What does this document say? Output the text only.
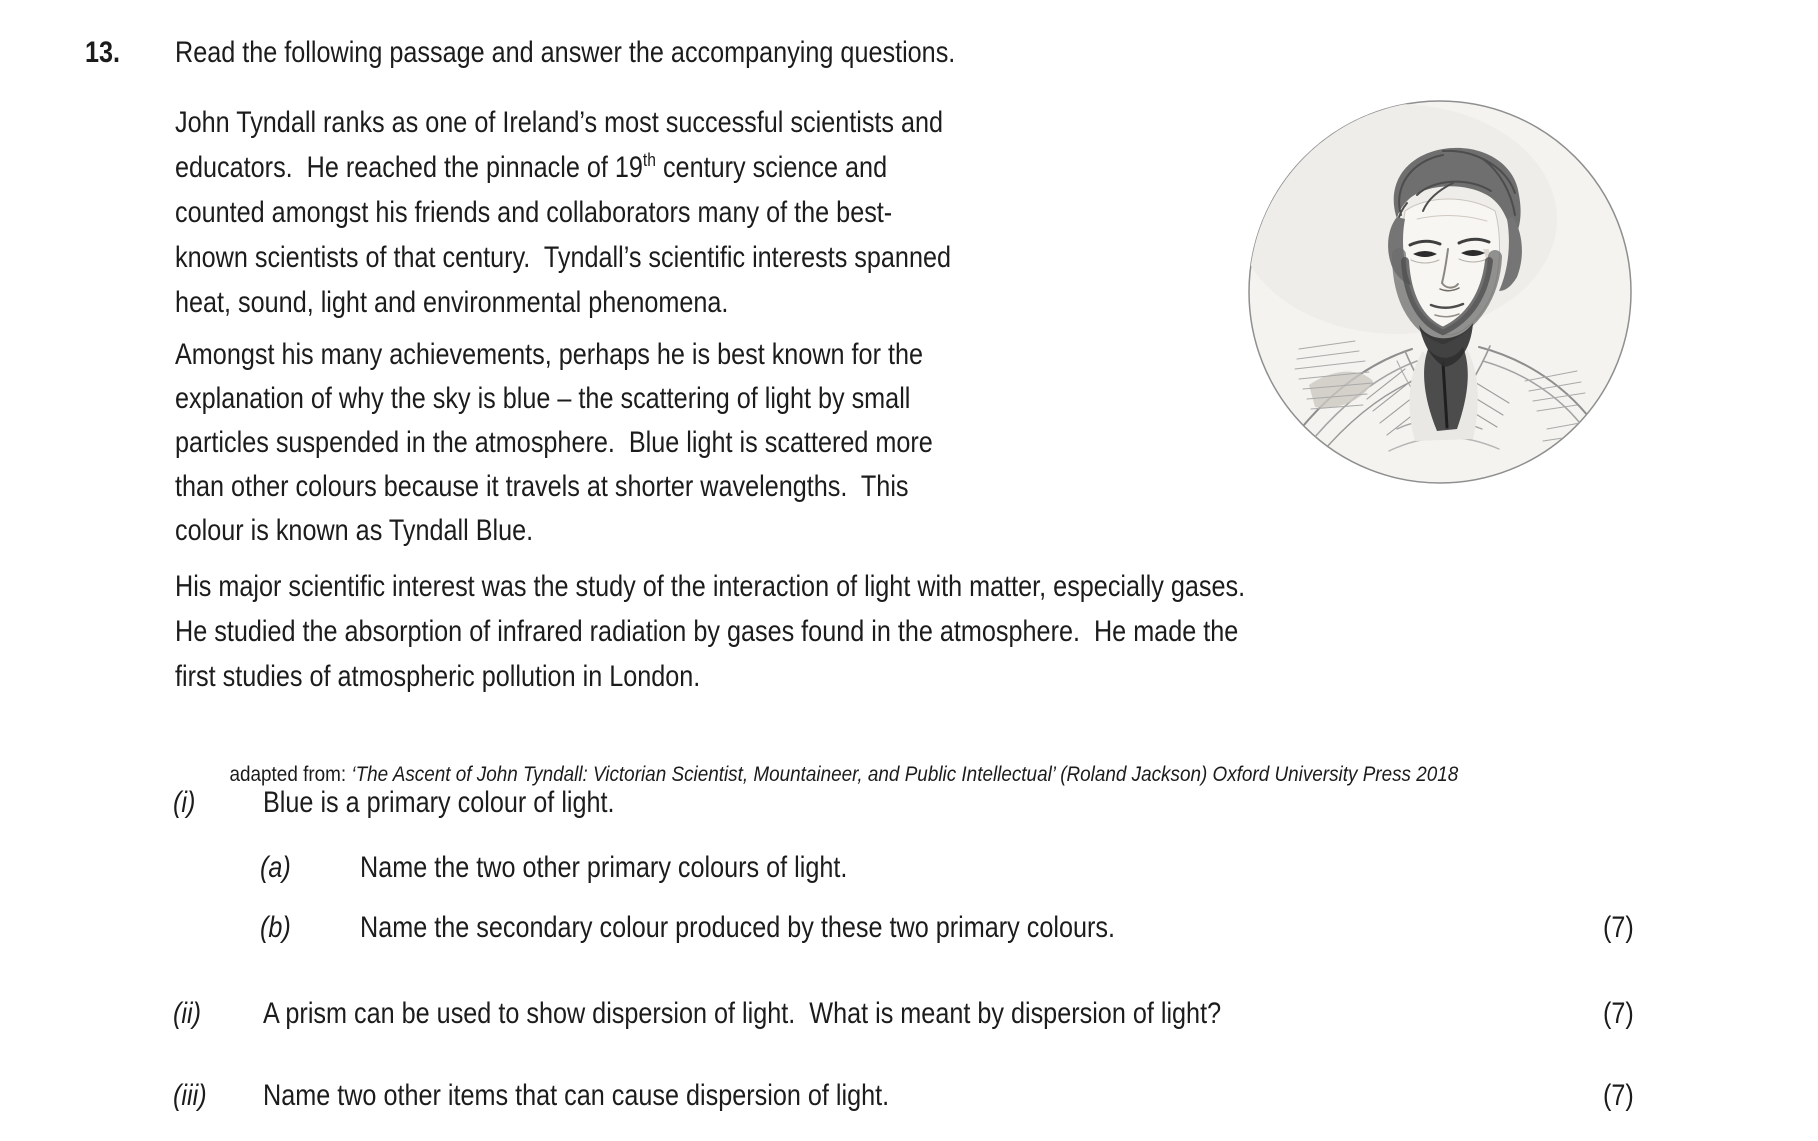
13. Read the following passage and answer the accompanying questions.
John Tyndall ranks as one of Ireland’s most successful scientists and
educators.  He reached the pinnacle of 19th century science and
counted amongst his friends and collaborators many of the best-
known scientists of that century.  Tyndall’s scientific interests spanned
heat, sound, light and environmental phenomena.
Amongst his many achievements, perhaps he is best known for the
explanation of why the sky is blue – the scattering of light by small
particles suspended in the atmosphere.  Blue light is scattered more
than other colours because it travels at shorter wavelengths.  This
colour is known as Tyndall Blue.
His major scientific interest was the study of the interaction of light with matter, especially gases.
He studied the absorption of infrared radiation by gases found in the atmosphere.  He made the
first studies of atmospheric pollution in London.

adapted from: ‘The Ascent of John Tyndall: Victorian Scientist, Mountaineer, and Public Intellectual’ (Roland Jackson) Oxford University Press 2018

(i) Blue is a primary colour of light.
(a) Name the two other primary colours of light.
(b) Name the secondary colour produced by these two primary colours.	(7)
(ii) A prism can be used to show dispersion of light.  What is meant by dispersion of light?	(7)
(iii) Name two other items that can cause dispersion of light.	(7)
